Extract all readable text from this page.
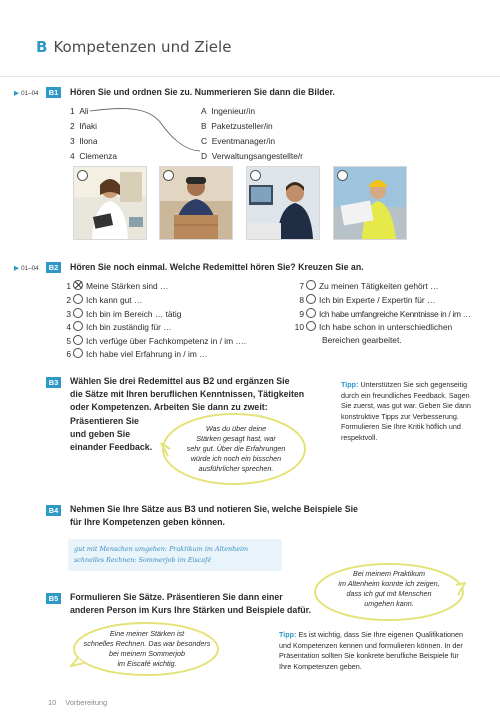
B Kompetenzen und Ziele
▶ 01–04	B1	Hören Sie und ordnen Sie zu. Nummerieren Sie dann die Bilder.
1 Ali
2 Iñaki
3 Ilona
4 Clemenza
A Ingenieur/in
B Paketzusteller/in
C Eventmanager/in
D Verwaltungsangestellte/r
▶ 01–04	B2	Hören Sie noch einmal. Welche Redemittel hören Sie? Kreuzen Sie an.
1 Meine Stärken sind …
2 Ich kann gut …
3 Ich bin im Bereich … tätig
4 Ich bin zuständig für …
5 Ich verfüge über Fachkompetenz in / im ….
6 Ich habe viel Erfahrung in / im …
7 Zu meinen Tätigkeiten gehört …
8 Ich bin Experte / Expertin für …
9 Ich habe umfangreiche Kenntnisse in / im …
10 Ich habe schon in unterschiedlichen
Bereichen gearbeitet.
B3	Wählen Sie drei Redemittel aus B2 und ergänzen Sie
die Sätze mit Ihren beruflichen Kenntnissen, Tätigkeiten
oder Kompetenzen. Arbeiten Sie dann zu zweit:
Präsentieren Sie
und geben Sie
einander Feedback.
Was du über deine
Stärken gesagt hast, war
sehr gut. Über die Erfahrungen
würde ich noch ein bisschen
ausführlicher sprechen.
Tipp: Unterstützen Sie sich gegenseitig
durch ein freundliches Feedback. Sagen
Sie zuerst, was gut war. Geben Sie dann
konstruktive Tipps zur Verbesserung.
Formulieren Sie Ihre Kritik höflich und
respektvoll.
B4	Nehmen Sie Ihre Sätze aus B3 und notieren Sie, welche Beispiele Sie
für Ihre Kompetenzen geben können.
gut mit Menschen umgehen: Praktikum im Altenheim
schnelles Rechnen: Sommerjob im Eiscafé
Bei meinem Praktikum
im Altenheim konnte ich zeigen,
dass ich gut mit Menschen
umgehen kann.
B5	Formulieren Sie Sätze. Präsentieren Sie dann einer
anderen Person im Kurs Ihre Stärken und Beispiele dafür.
Eine meiner Stärken ist
schnelles Rechnen. Das war besonders
bei meinem Sommerjob
im Eiscafé wichtig.
Tipp: Es ist wichtig, dass Sie Ihre eigenen Qualifikationen
und Kompetenzen kennen und formulieren können. In der
Präsentation sollten Sie konkrete berufliche Beispiele für
Ihre Kompetenzen geben.
10 Vorbereitung
